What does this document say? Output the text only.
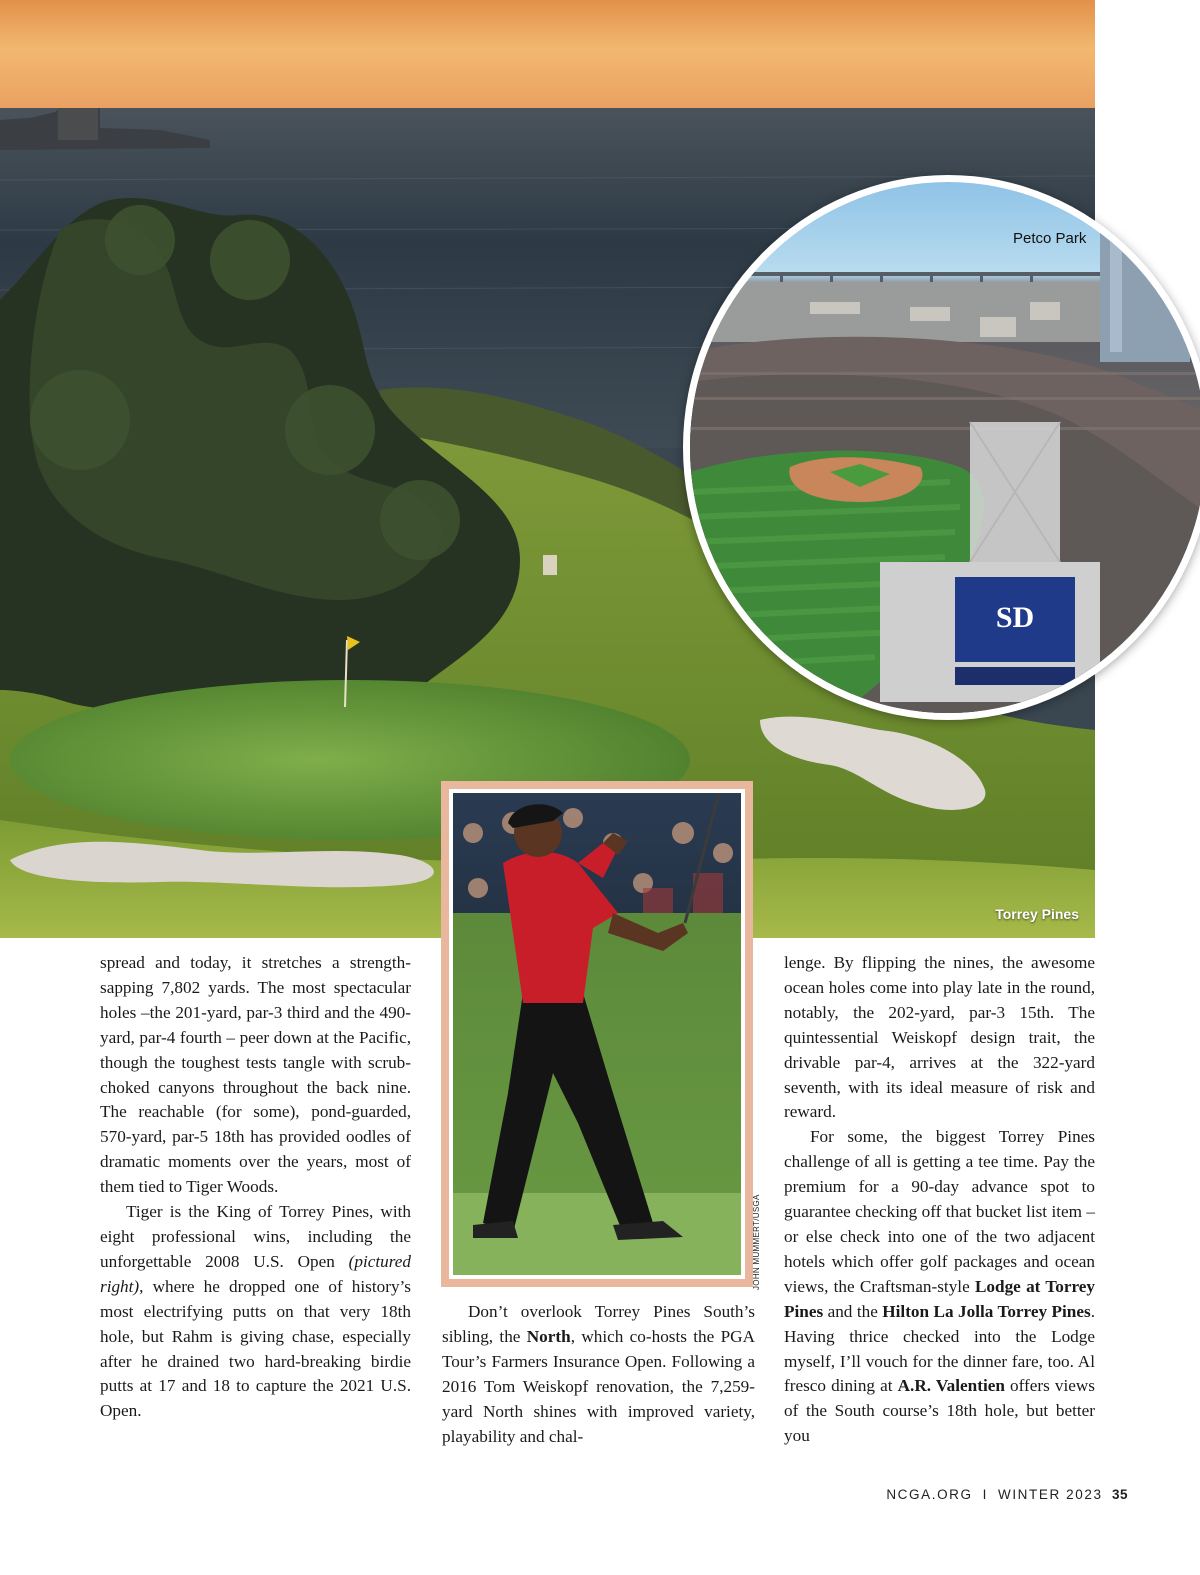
Torrey Pines
SD
Petco Park
JOHN MUMMERT/USGA

spread and today, it stretches a strength-sapping 7,802 yards. The most spectacular holes –the 201-yard, par-3 third and the 490-yard, par-4 fourth – peer down at the Pacific, though the toughest tests tangle with scrub-choked canyons throughout the back nine. The reachable (for some), pond-guarded, 570-yard, par-5 18th has provided oodles of dramatic moments over the years, most of them tied to Tiger Woods.

Tiger is the King of Torrey Pines, with eight professional wins, including the unforgettable 2008 U.S. Open (pictured right), where he dropped one of history’s most electrifying putts on that very 18th hole, but Rahm is giving chase, especially after he drained two hard-breaking birdie putts at 17 and 18 to capture the 2021 U.S. Open.

Don’t overlook Torrey Pines South’s sibling, the North, which co-hosts the PGA Tour’s Farmers Insurance Open. Following a 2016 Tom Weiskopf renovation, the 7,259-yard North shines with improved variety, playability and chal-

lenge. By flipping the nines, the awesome ocean holes come into play late in the round, notably, the 202-yard, par-3 15th. The quintessential Weiskopf design trait, the drivable par-4, arrives at the 322-yard seventh, with its ideal measure of risk and reward.

For some, the biggest Torrey Pines challenge of all is getting a tee time. Pay the premium for a 90-day advance spot to guarantee checking off that bucket list item – or else check into one of the two adjacent hotels which offer golf packages and ocean views, the Craftsman-style Lodge at Torrey Pines and the Hilton La Jolla Torrey Pines. Having thrice checked into the Lodge myself, I’ll vouch for the dinner fare, too. Al fresco dining at A.R. Valentien offers views of the South course’s 18th hole, but better you

NCGA.ORG I WINTER 2023 35
